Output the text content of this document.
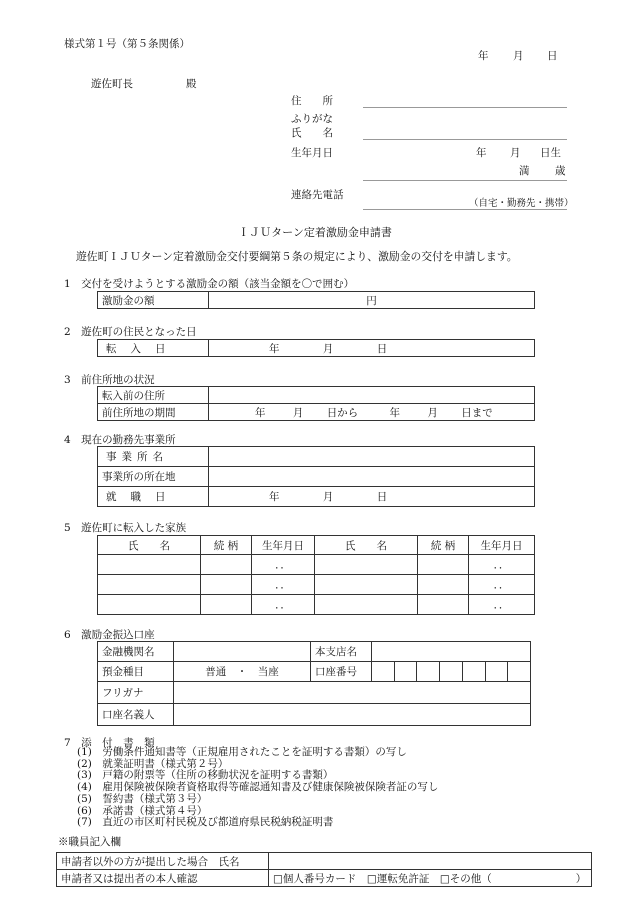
様式第１号（第５条関係）
年 月 日
遊佐町長	殿
住　　所
ふりがな
氏　　名
生年月日	年 月 日生
満 歳
連絡先電話
（自宅・勤務先・携帯）
ＩＪＵターン定着激励金申請書
遊佐町ＩＪＵターン定着激励金交付要綱第５条の規定により、激励金の交付を申請します。
1　交付を受けようとする激励金の額（該当金額を〇で囲む）
激励金の額	円
2　遊佐町の住民となった日
転入日	年	月	日
3　前住所地の状況
転入前の住所	
前住所地の期間	年 月 日から 年 月 日まで
4　現在の勤務先事業所
事業所名	
事業所の所在地	
就職日	年 月 日
5　遊佐町に転入した家族
氏　　名	続 柄	生年月日	氏　　名	続 柄	生年月日
		．．			．．
		．．			．．
		．．			．．
6　激励金振込口座
金融機関名		本支店名	
預金種目	普通　・　当座	口座番号	

フリガナ			
口座名義人			
7　添　付　書　類
(1)　労働条件通知書等（正規雇用されたことを証明する書類）の写し
(2)　就業証明書（様式第２号）
(3)　戸籍の附票等（住所の移動状況を証明する書類）
(4)　雇用保険被保険者資格取得等確認通知書及び健康保険被保険者証の写し
(5)　誓約書（様式第３号）
(6)　承諾書（様式第４号）
(7)　直近の市区町村民税及び都道府県民税納税証明書
※職員記入欄
申請者以外の方が提出した場合　氏名	
申請者又は提出者の本人確認	□個人番号カード　□運転免許証　□その他（　　　　　　　　）
